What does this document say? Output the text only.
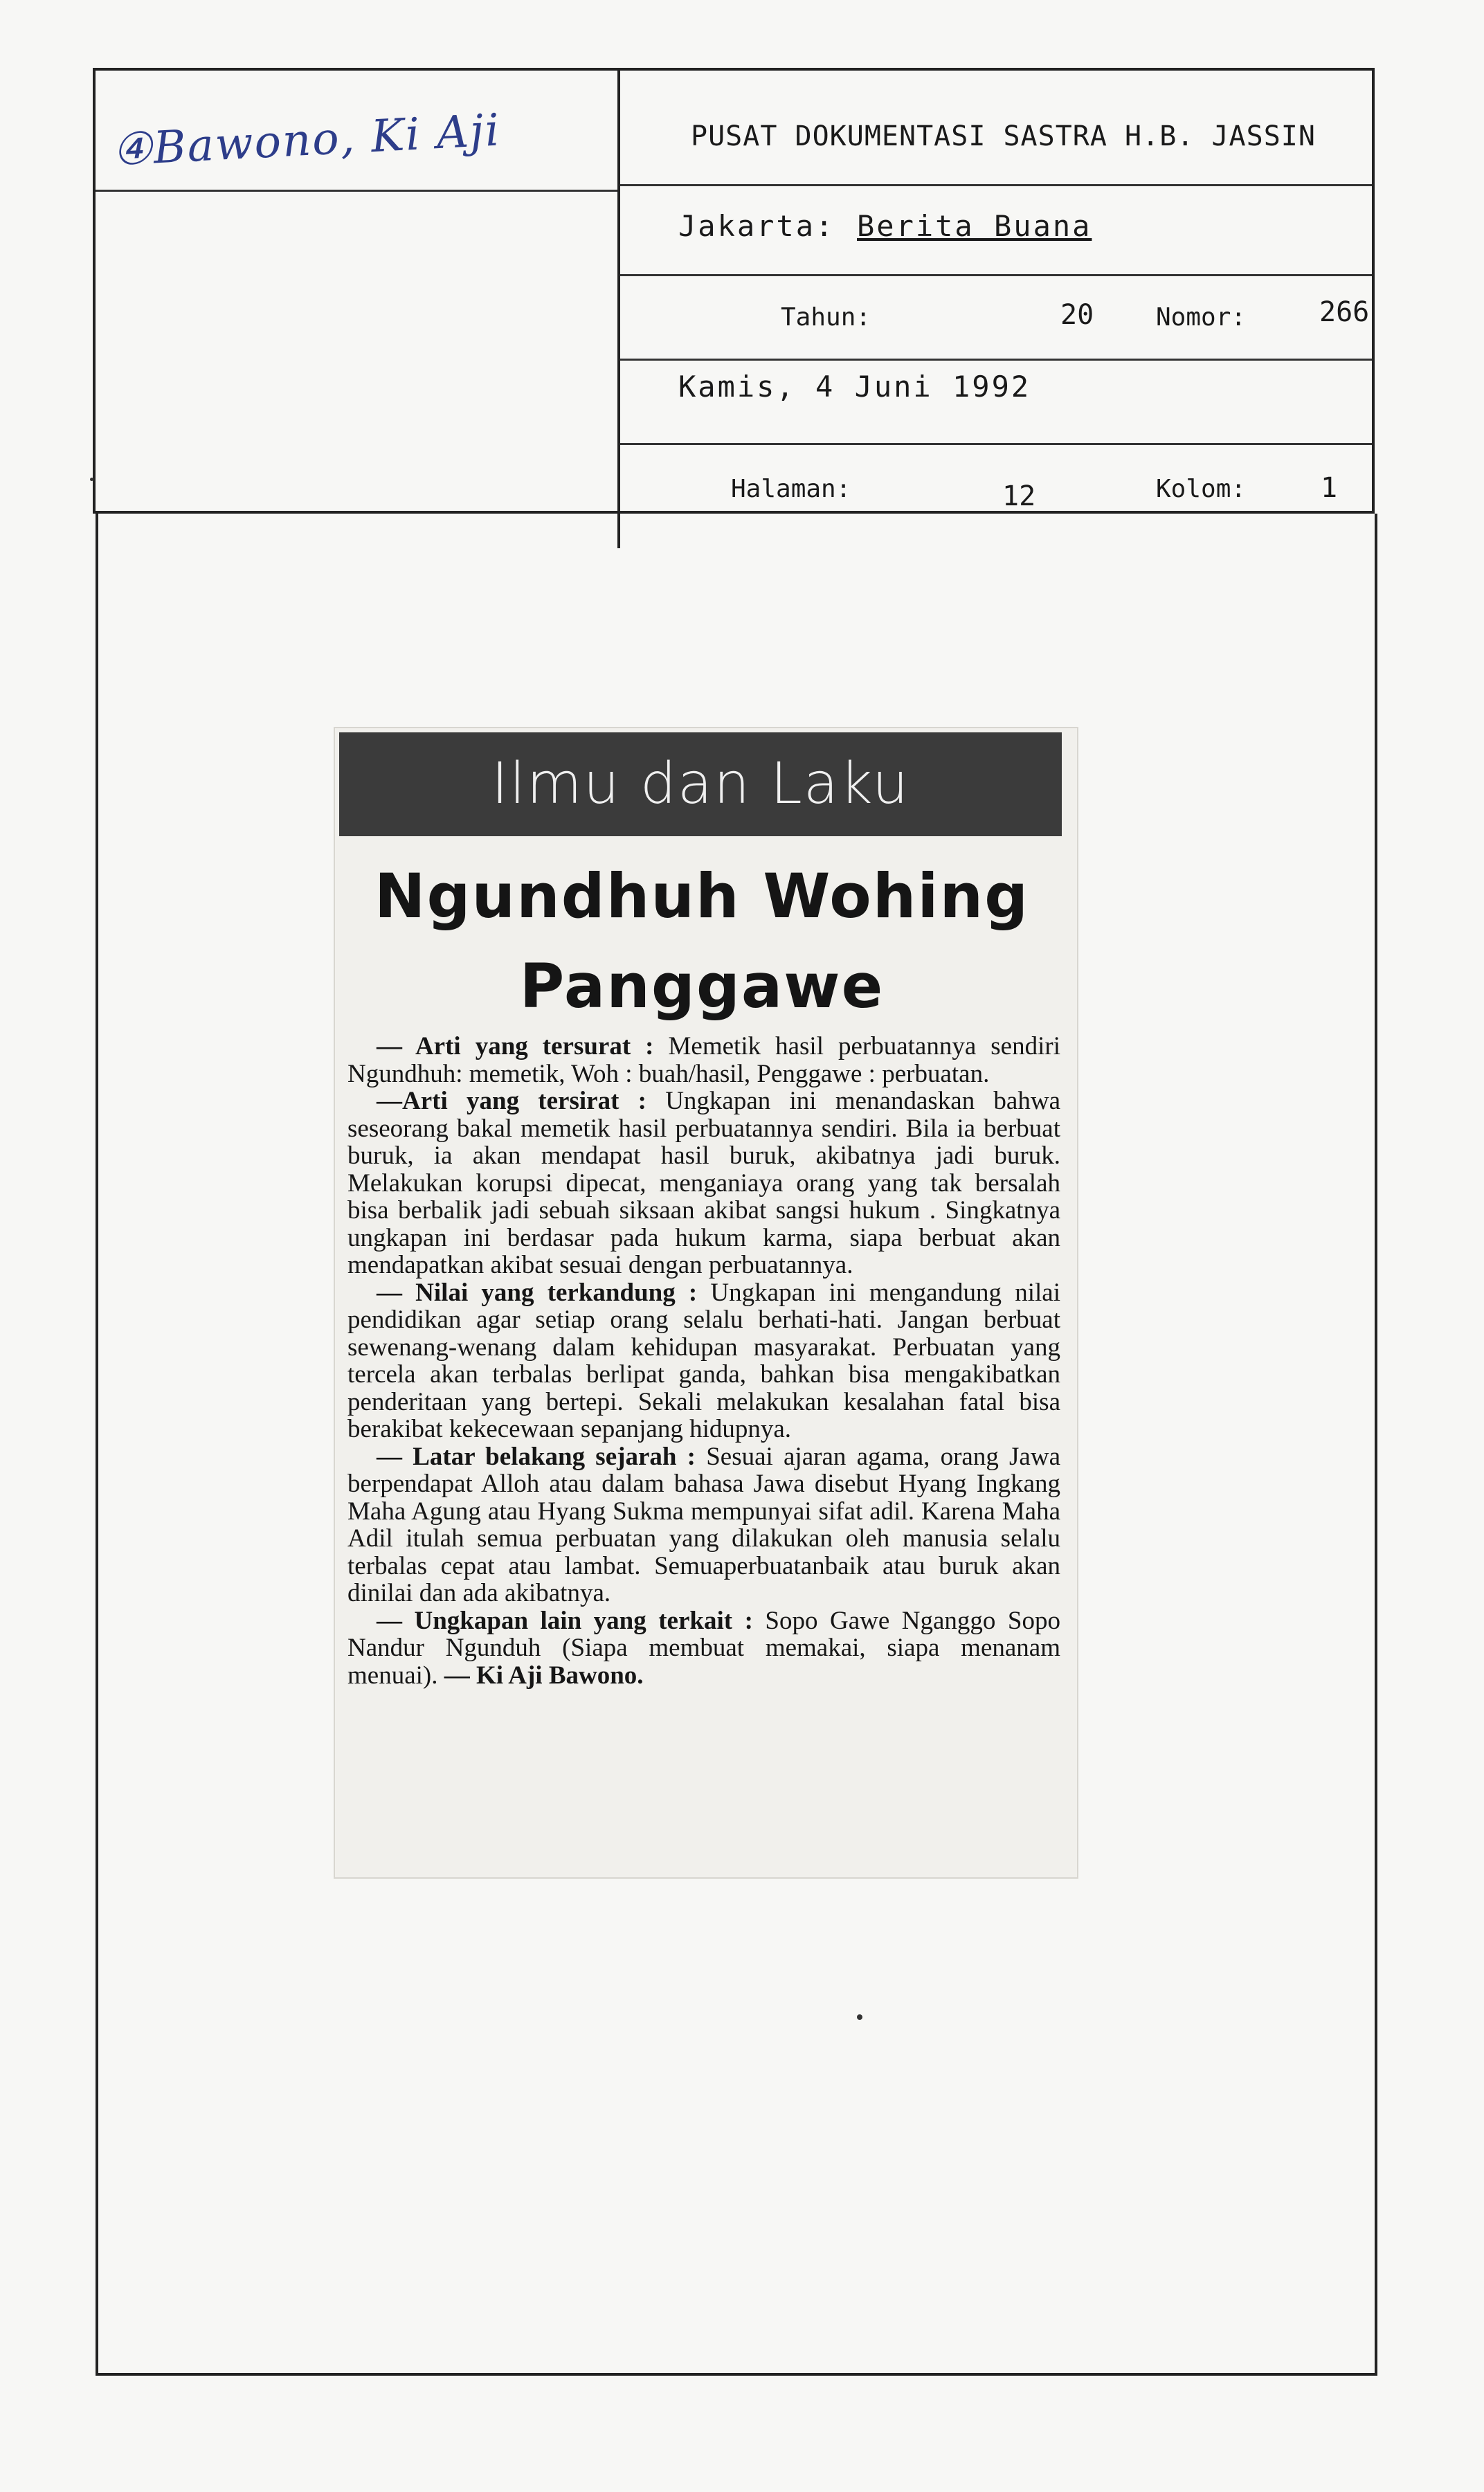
④Bawono, Ki Aji	PUSAT DOKUMENTASI SASTRA H.B. JASSIN
Jakarta: Berita Buana
Tahun:	20 Nomor:	266
Kamis, 4 Juni 1992
Halaman:	12	Kolom:	1
Ilmu dan Laku
Ngundhuh Wohing
Panggawe

— Arti yang tersurat : Memetik hasil perbuatannya sendiri Ngundhuh: memetik, Woh : buah/hasil, Penggawe : perbuatan.

—Arti yang tersirat : Ungkapan ini menandaskan bahwa seseorang bakal memetik hasil perbuatannya sendiri. Bila ia berbuat buruk, ia akan mendapat hasil buruk, akibatnya jadi buruk. Melakukan korupsi dipecat, menganiaya orang yang tak bersalah bisa berbalik jadi sebuah siksaan akibat sangsi hukum . Singkatnya ungkapan ini berdasar pada hukum karma, siapa berbuat akan mendapatkan akibat sesuai dengan perbuatannya.

— Nilai yang terkandung : Ungkapan ini mengandung nilai pendidikan agar setiap orang selalu berhati-hati. Jangan berbuat sewenang-wenang dalam kehidupan masyarakat. Perbuatan yang tercela akan terbalas berlipat ganda, bahkan bisa mengakibatkan penderitaan yang bertepi. Sekali melakukan kesalahan fatal bisa berakibat kekecewaan sepanjang hidupnya.

— Latar belakang sejarah : Sesuai ajaran agama, orang Jawa berpendapat Alloh atau dalam bahasa Jawa disebut Hyang Ingkang Maha Agung atau Hyang Sukma mempunyai sifat adil. Karena Maha Adil itulah semua perbuatan yang dilakukan oleh manusia selalu terbalas cepat atau lambat. Semuaperbuatanbaik atau buruk akan dinilai dan ada akibatnya.

— Ungkapan lain yang terkait : Sopo Gawe Nganggo Sopo Nandur Ngunduh (Siapa membuat memakai, siapa menanam menuai). — Ki Aji Bawono.
